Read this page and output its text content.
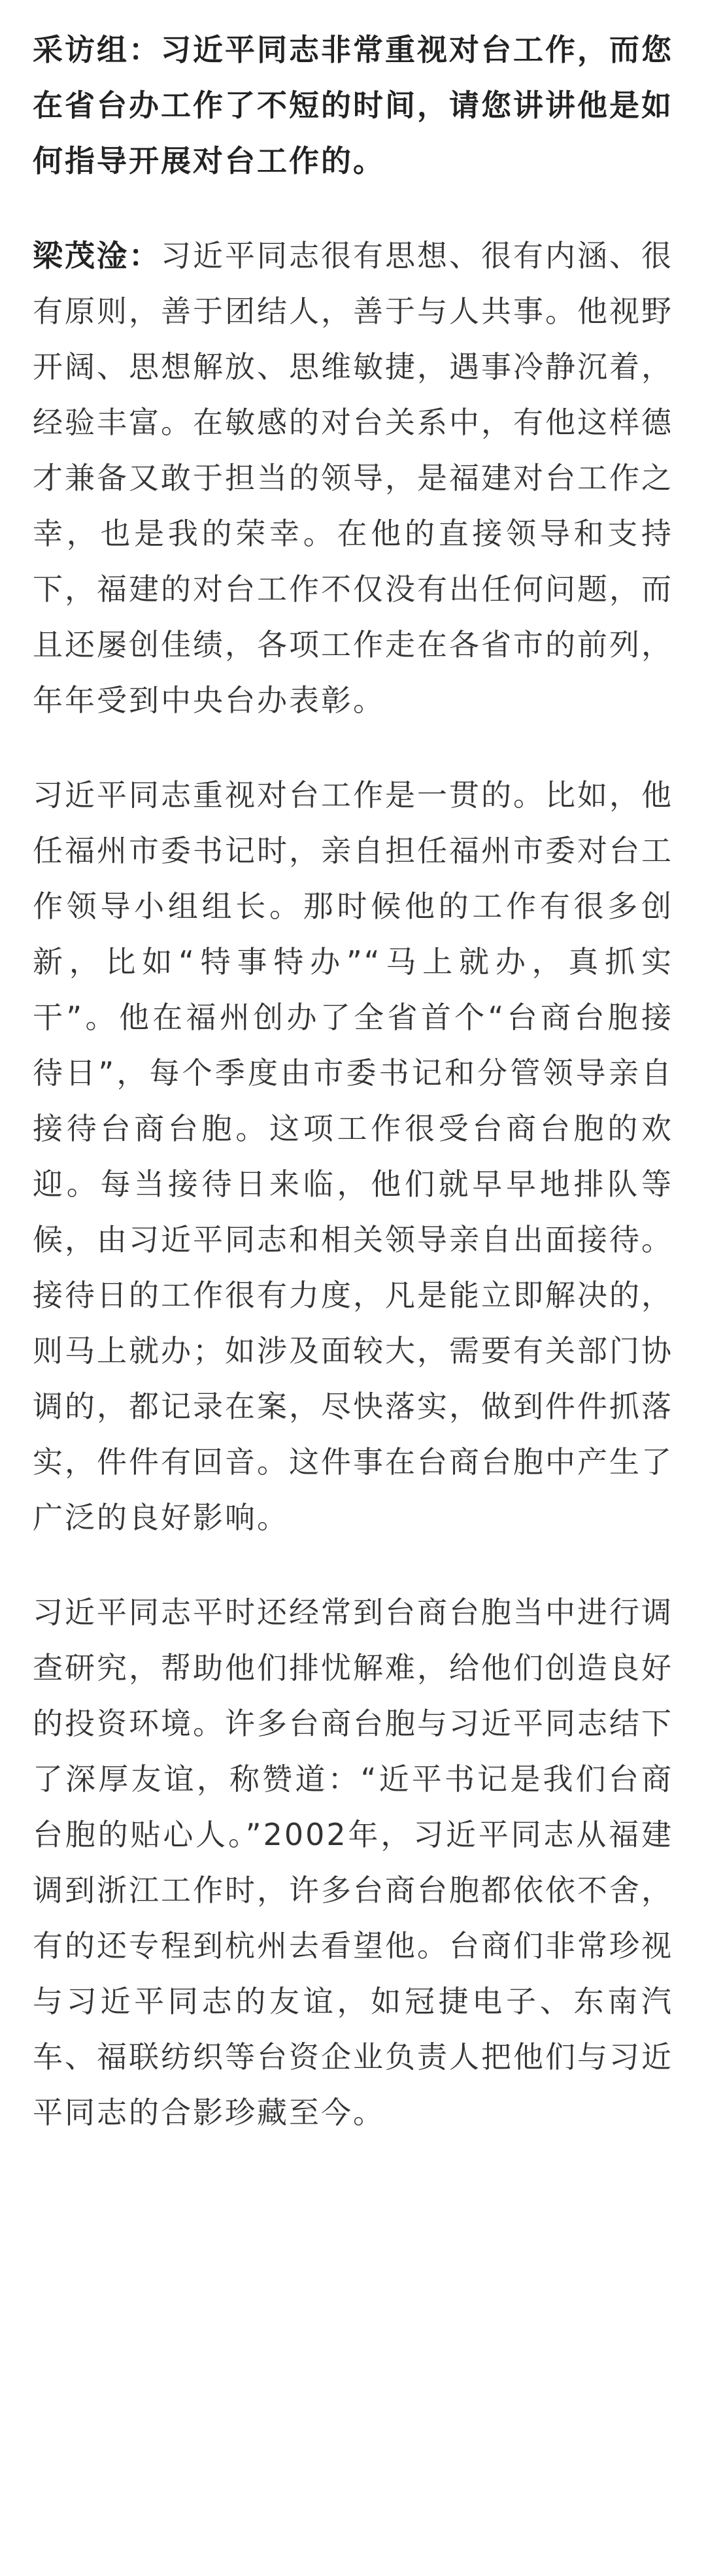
采访组：习近平同志非常重视对台工作，而您在省台办工作了不短的时间，请您讲讲他是如何指导开展对台工作的。

梁茂淦：习近平同志很有思想、很有内涵、很有原则，善于团结人，善于与人共事。他视野开阔、思想解放、思维敏捷，遇事冷静沉着，经验丰富。在敏感的对台关系中，有他这样德才兼备又敢于担当的领导，是福建对台工作之幸，也是我的荣幸。在他的直接领导和支持下，福建的对台工作不仅没有出任何问题，而且还屡创佳绩，各项工作走在各省市的前列，年年受到中央台办表彰。

习近平同志重视对台工作是一贯的。比如，他任福州市委书记时，亲自担任福州市委对台工作领导小组组长。那时候他的工作有很多创新，比如“特事特办”“马上就办，真抓实干”。他在福州创办了全省首个“台商台胞接待日”，每个季度由市委书记和分管领导亲自接待台商台胞。这项工作很受台商台胞的欢迎。每当接待日来临，他们就早早地排队等候，由习近平同志和相关领导亲自出面接待。接待日的工作很有力度，凡是能立即解决的，则马上就办；如涉及面较大，需要有关部门协调的，都记录在案，尽快落实，做到件件抓落实，件件有回音。这件事在台商台胞中产生了广泛的良好影响。

习近平同志平时还经常到台商台胞当中进行调查研究，帮助他们排忧解难，给他们创造良好的投资环境。许多台商台胞与习近平同志结下了深厚友谊，称赞道：“近平书记是我们台商台胞的贴心人。”2002年，习近平同志从福建调到浙江工作时，许多台商台胞都依依不舍，有的还专程到杭州去看望他。台商们非常珍视与习近平同志的友谊，如冠捷电子、东南汽车、福联纺织等台资企业负责人把他们与习近平同志的合影珍藏至今。
